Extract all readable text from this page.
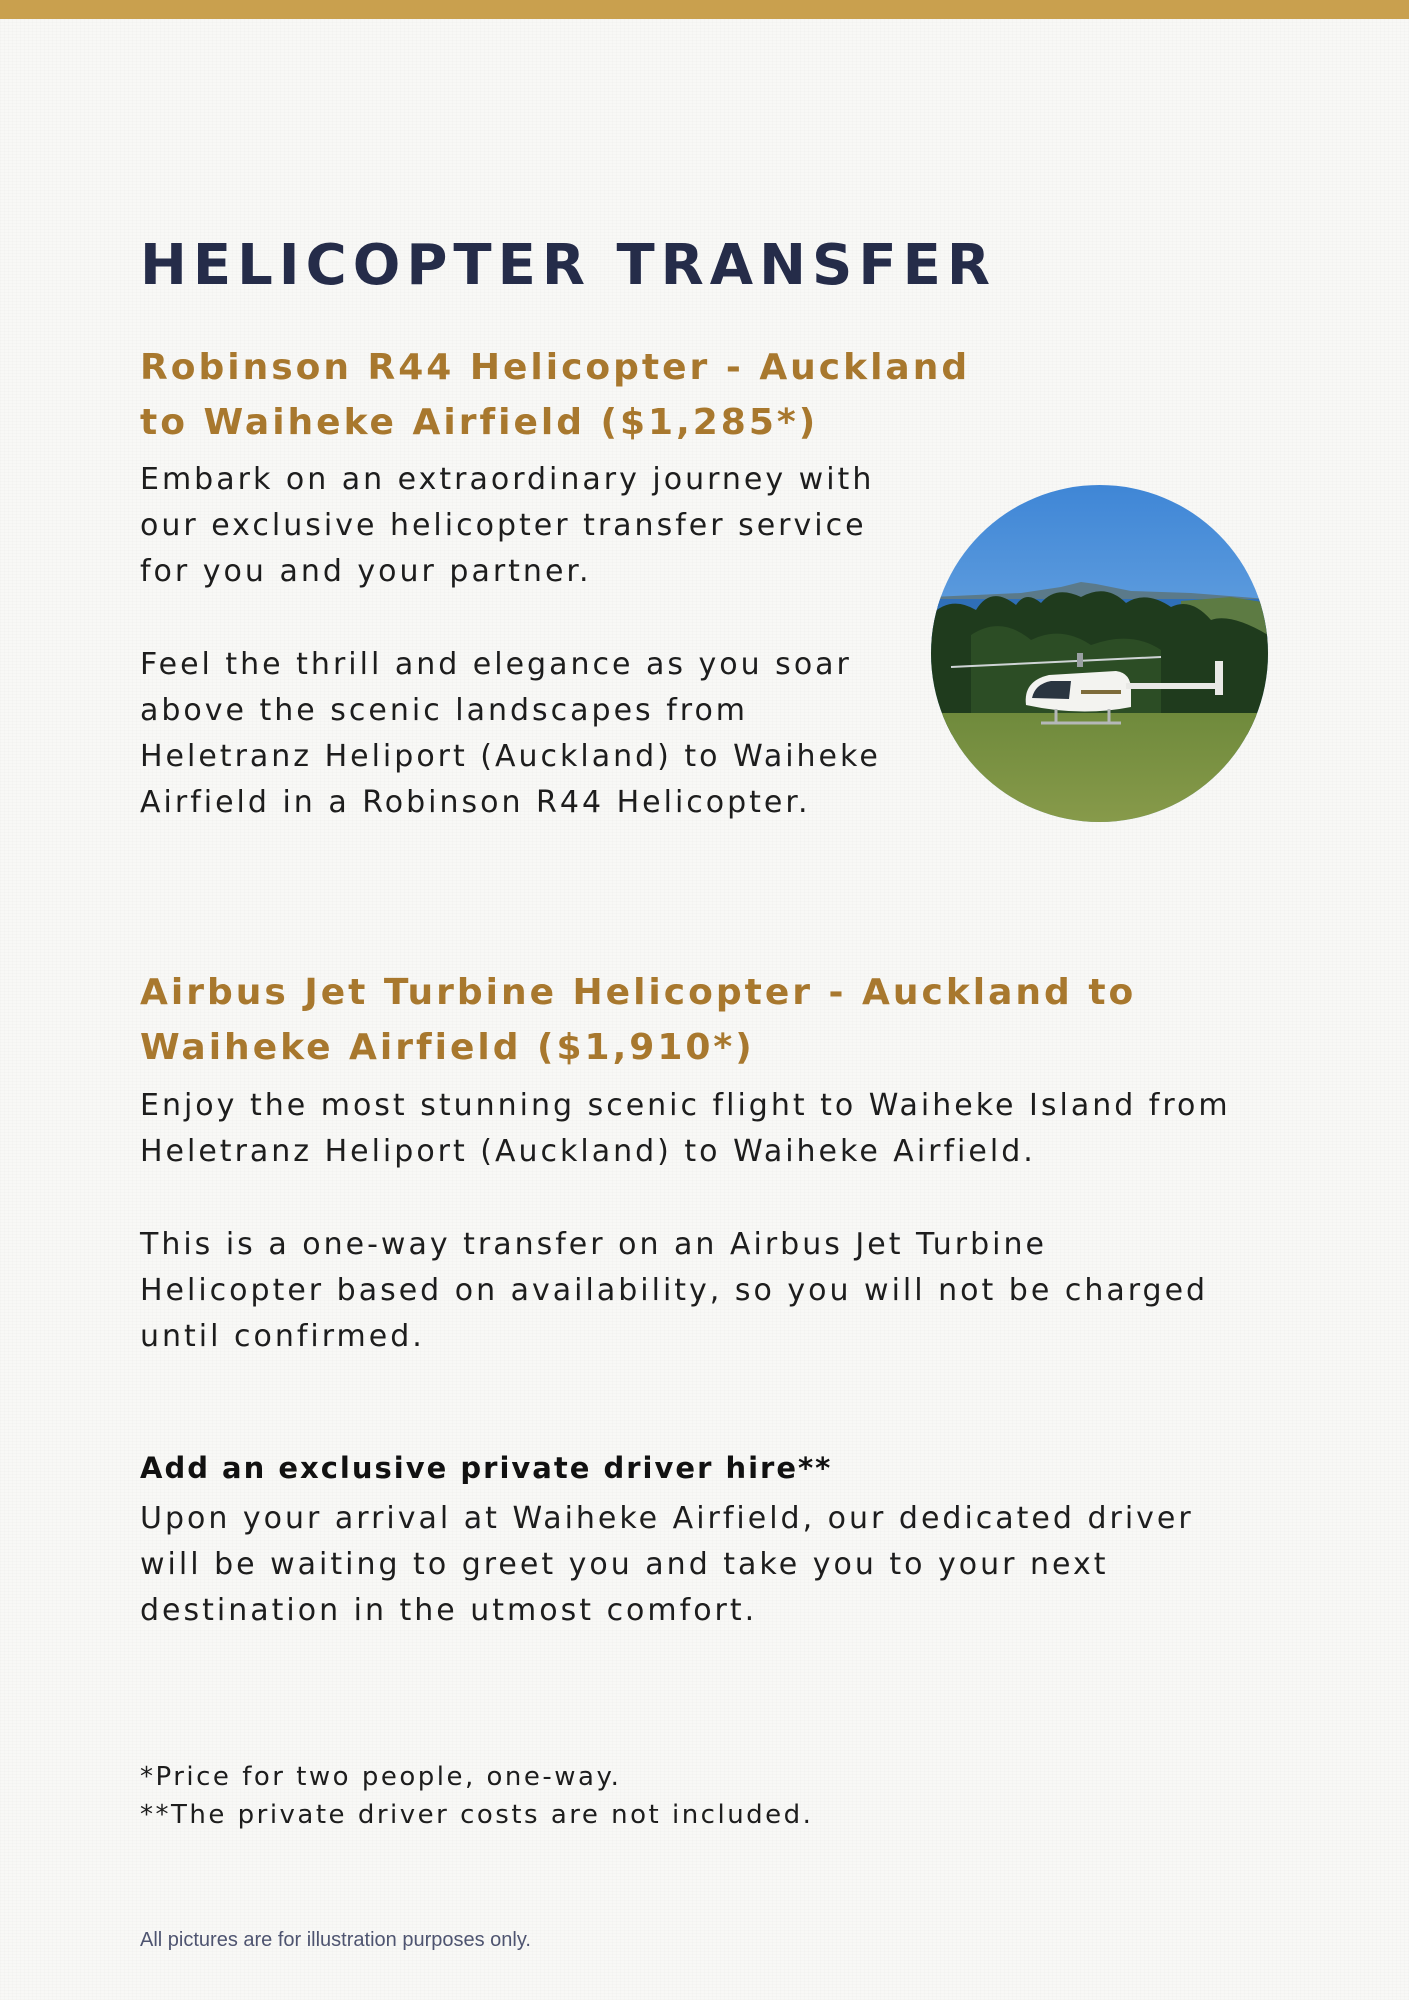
HELICOPTER TRANSFER
Robinson R44 Helicopter - Auckland
to Waiheke Airfield ($1,285*)

Embark on an extraordinary journey with
our exclusive helicopter transfer service
for you and your partner.

Feel the thrill and elegance as you soar
above the scenic landscapes from
Heletranz Heliport (Auckland) to Waiheke
Airfield in a Robinson R44 Helicopter.

Airbus Jet Turbine Helicopter - Auckland to
Waiheke Airfield ($1,910*)

Enjoy the most stunning scenic flight to Waiheke Island from
Heletranz Heliport (Auckland) to Waiheke Airfield.

This is a one-way transfer on an Airbus Jet Turbine
Helicopter based on availability, so you will not be charged
until confirmed.

Add an exclusive private driver hire**

Upon your arrival at Waiheke Airfield, our dedicated driver
will be waiting to greet you and take you to your next
destination in the utmost comfort.

*Price for two people, one-way.

**The private driver costs are not included.

All pictures are for illustration purposes only.
